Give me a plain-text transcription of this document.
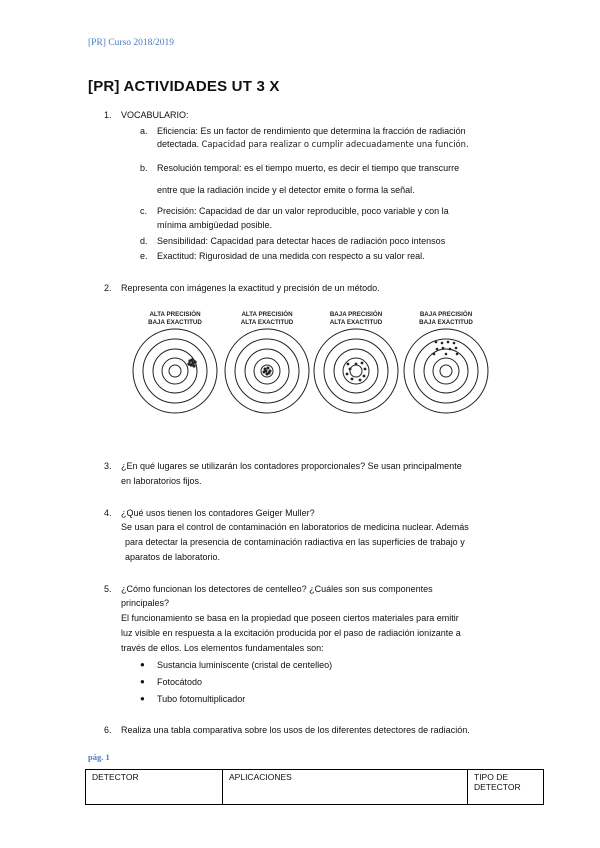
[PR] Curso 2018/2019
[PR] ACTIVIDADES UT 3 X
1. VOCABULARIO:
a. Eficiencia: Es un factor de rendimiento que determina la fracción de radiación
detectada. Capacidad para realizar o cumplir adecuadamente una función.
b. Resolución temporal: es el tiempo muerto, es decir el tiempo que transcurre
entre que la radiación incide y el detector emite o forma la señal.
c. Precisión: Capacidad de dar un valor reproducible, poco variable y con la
mínima ambigüedad posible.
d. Sensibilidad: Capacidad para detectar haces de radiación poco intensos
e. Exactitud: Rigurosidad de una medida con respecto a su valor real.
2. Representa con imágenes la exactitud y precisión de un método.
ALTA PRECISIÓN
BAJA EXACTITUD
ALTA PRECISIÓN
ALTA EXACTITUD
BAJA PRECISIÓN
ALTA EXACTITUD
BAJA PRECISIÓN
BAJA EXACTITUD
3. ¿En qué lugares se utilizarán los contadores proporcionales? Se usan principalmente
en laboratorios fijos.
4. ¿Qué usos tienen los contadores Geiger Muller?
Se usan para el control de contaminación en laboratorios de medicina nuclear. Además
para detectar la presencia de contaminación radiactiva en las superficies de trabajo y
aparatos de laboratorio.
5. ¿Cómo funcionan los detectores de centelleo? ¿Cuáles son sus componentes
principales?
El funcionamiento se basa en la propiedad que poseen ciertos materiales para emitir
luz visible en respuesta a la excitación producida por el paso de radiación ionizante a
través de ellos. Los elementos fundamentales son:
● Sustancia luminiscente (cristal de centelleo)
● Fotocátodo
● Tubo fotomultiplicador
6. Realiza una tabla comparativa sobre los usos de los diferentes detectores de radiación.
pág. 1
DETECTOR	APLICACIONES	TIPO DE
DETECTOR
